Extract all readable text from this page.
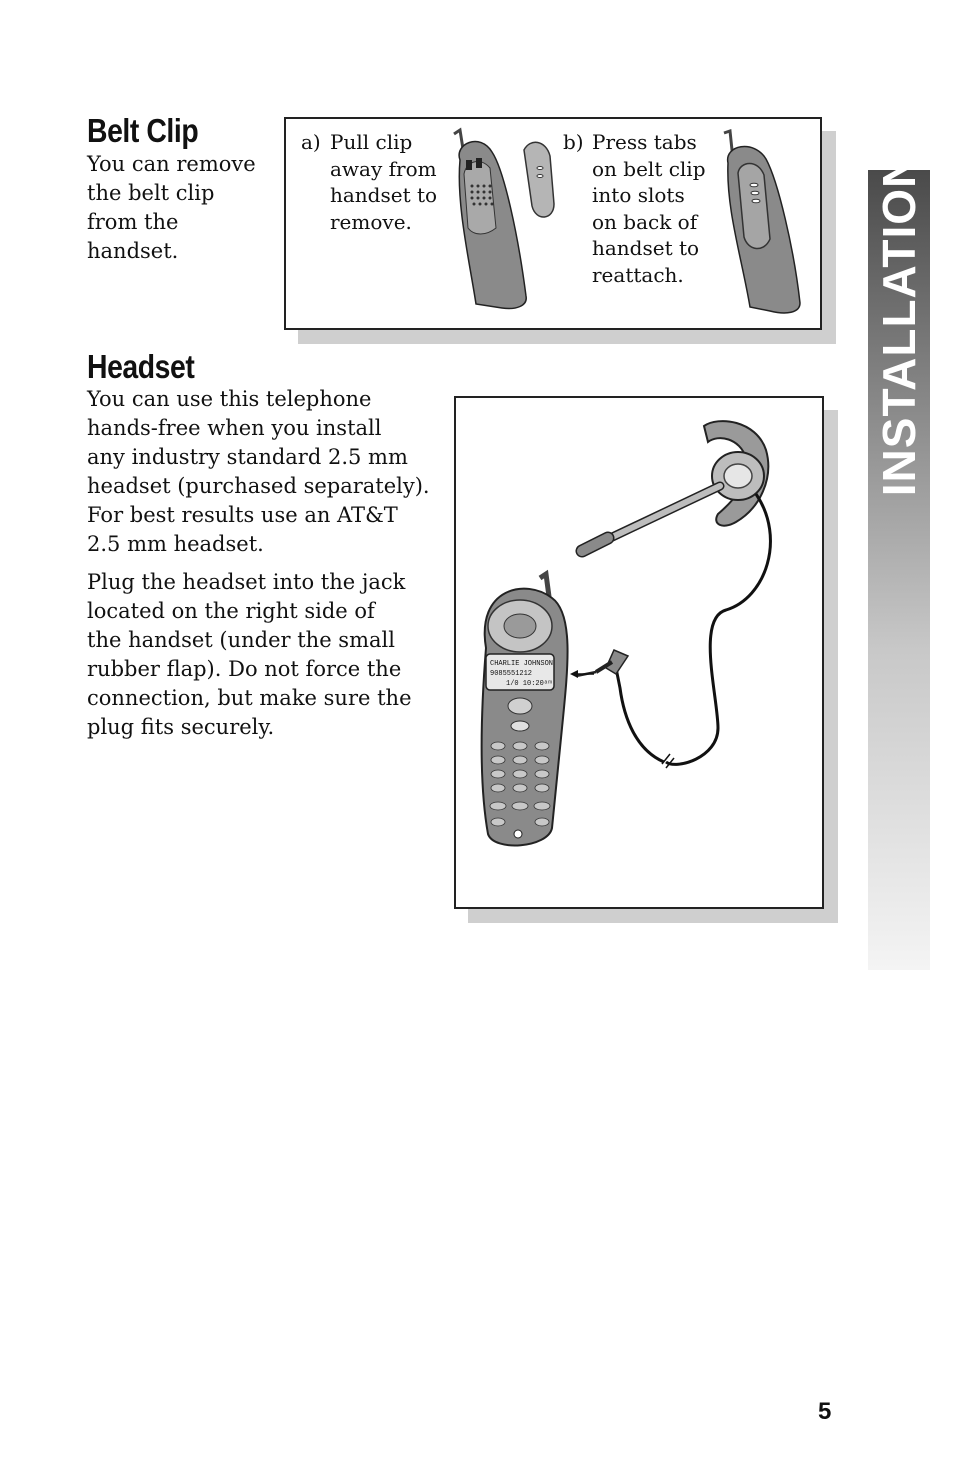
Belt Clip

You can remove

the belt clip

from the

handset.

a) Pull clip
away from
handset to
remove.
b) Press tabs
on belt clip
into slots
on back of
handset to
reattach.
Headset

You can use this telephone

hands-free when you install

any industry standard 2.5 mm

headset (purchased separately).

For best results use an AT&T

2.5 mm headset.

Plug the headset into the jack

located on the right side of

the handset (under the small

rubber flap). Do not force the

connection, but make sure the

plug fits securely.

CHARLIE JOHNSON
9085551212
1/0 10:20ᵃᵐ
INSTALLATION
5
